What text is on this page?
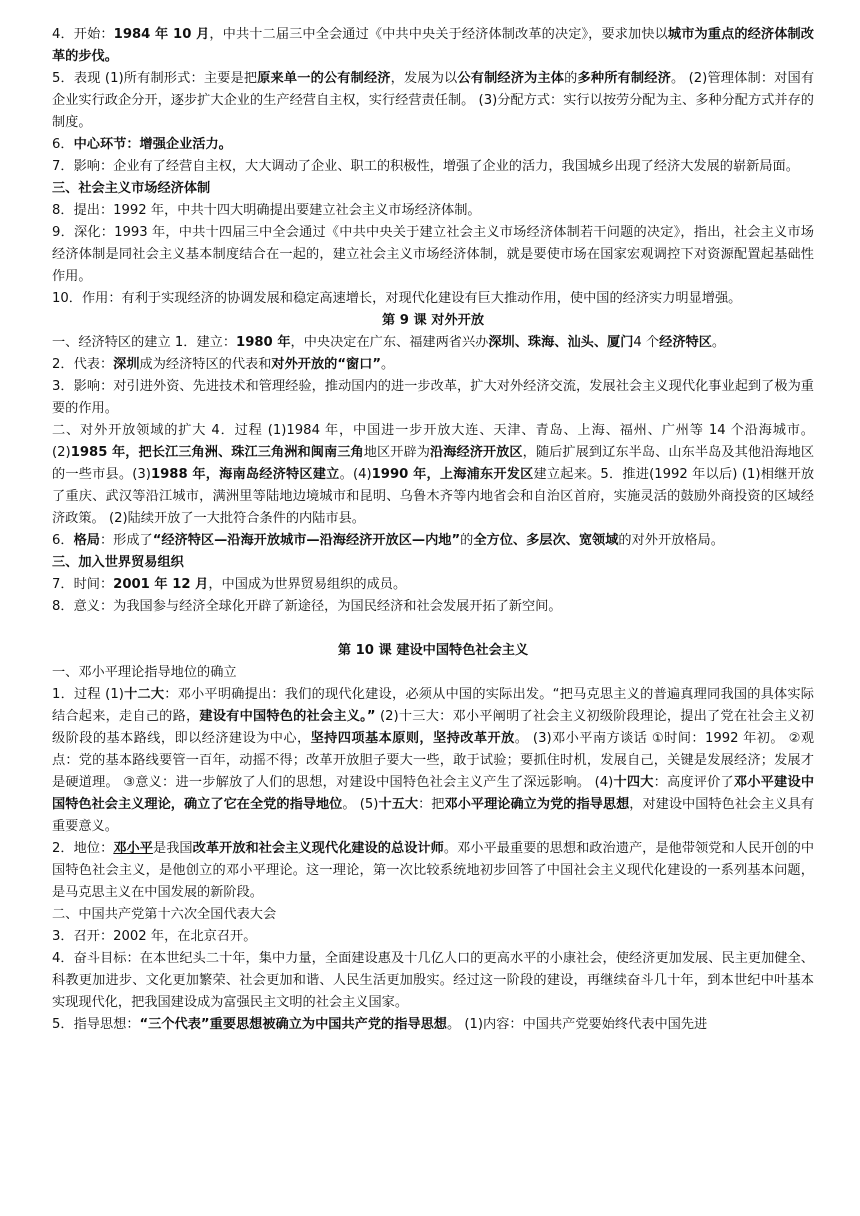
4．开始：1984 年 10 月，中共十二届三中全会通过《中共中央关于经济体制改革的决定》，要求加快以城市为重点的经济体制改革的步伐。

5．表现 (1)所有制形式：主要是把原来单一的公有制经济，发展为以公有制经济为主体的多种所有制经济。 (2)管理体制：对国有企业实行政企分开，逐步扩大企业的生产经营自主权，实行经营责任制。 (3)分配方式：实行以按劳分配为主、多种分配方式并存的制度。

6．中心环节：增强企业活力。

7．影响：企业有了经营自主权，大大调动了企业、职工的积极性，增强了企业的活力，我国城乡出现了经济大发展的崭新局面。

三、社会主义市场经济体制

8．提出：1992 年，中共十四大明确提出要建立社会主义市场经济体制。

9．深化：1993 年，中共十四届三中全会通过《中共中央关于建立社会主义市场经济体制若干问题的决定》，指出，社会主义市场经济体制是同社会主义基本制度结合在一起的，建立社会主义市场经济体制，就是要使市场在国家宏观调控下对资源配置起基础性作用。

10．作用：有利于实现经济的协调发展和稳定高速增长，对现代化建设有巨大推动作用，使中国的经济实力明显增强。

第 9 课 对外开放

一、经济特区的建立 1．建立：1980 年，中央决定在广东、福建两省兴办深圳、珠海、汕头、厦门4 个经济特区。

2．代表：深圳成为经济特区的代表和对外开放的“窗口”。

3．影响：对引进外资、先进技术和管理经验，推动国内的进一步改革，扩大对外经济交流，发展社会主义现代化事业起到了极为重要的作用。

二、对外开放领域的扩大 4．过程 (1)1984 年，中国进一步开放大连、天津、青岛、上海、福州、广州等 14 个沿海城市。 (2)1985 年，把长江三角洲、珠江三角洲和闽南三角地区开辟为沿海经济开放区，随后扩展到辽东半岛、山东半岛及其他沿海地区的一些市县。(3)1988 年，海南岛经济特区建立。(4)1990 年，上海浦东开发区建立起来。5．推进(1992 年以后) (1)相继开放了重庆、武汉等沿江城市，满洲里等陆地边境城市和昆明、乌鲁木齐等内地省会和自治区首府，实施灵活的鼓励外商投资的区域经济政策。 (2)陆续开放了一大批符合条件的内陆市县。

6．格局：形成了“经济特区—沿海开放城市—沿海经济开放区—内地”的全方位、多层次、宽领域的对外开放格局。

三、加入世界贸易组织

7．时间：2001 年 12 月，中国成为世界贸易组织的成员。

8．意义：为我国参与经济全球化开辟了新途径，为国民经济和社会发展开拓了新空间。

第 10 课 建设中国特色社会主义

一、邓小平理论指导地位的确立

1．过程 (1)十二大：邓小平明确提出：我们的现代化建设，必须从中国的实际出发。“把马克思主义的普遍真理同我国的具体实际结合起来，走自己的路，建设有中国特色的社会主义。” (2)十三大：邓小平阐明了社会主义初级阶段理论，提出了党在社会主义初级阶段的基本路线，即以经济建设为中心，坚持四项基本原则，坚持改革开放。 (3)邓小平南方谈话 ①时间：1992 年初。 ②观点：党的基本路线要管一百年，动摇不得；改革开放胆子要大一些，敢于试验；要抓住时机，发展自己，关键是发展经济；发展才是硬道理。 ③意义：进一步解放了人们的思想，对建设中国特色社会主义产生了深远影响。 (4)十四大：高度评价了邓小平建设中国特色社会主义理论，确立了它在全党的指导地位。 (5)十五大：把邓小平理论确立为党的指导思想，对建设中国特色社会主义具有重要意义。

2．地位：邓小平是我国改革开放和社会主义现代化建设的总设计师。邓小平最重要的思想和政治遗产，是他带领党和人民开创的中国特色社会主义，是他创立的邓小平理论。这一理论，第一次比较系统地初步回答了中国社会主义现代化建设的一系列基本问题，是马克思主义在中国发展的新阶段。

二、中国共产党第十六次全国代表大会

3．召开：2002 年，在北京召开。

4．奋斗目标：在本世纪头二十年，集中力量，全面建设惠及十几亿人口的更高水平的小康社会，使经济更加发展、民主更加健全、科教更加进步、文化更加繁荣、社会更加和谐、人民生活更加殷实。经过这一阶段的建设，再继续奋斗几十年，到本世纪中叶基本实现现代化，把我国建设成为富强民主文明的社会主义国家。

5．指导思想：“三个代表”重要思想被确立为中国共产党的指导思想。 (1)内容：中国共产党要始终代表中国先进
